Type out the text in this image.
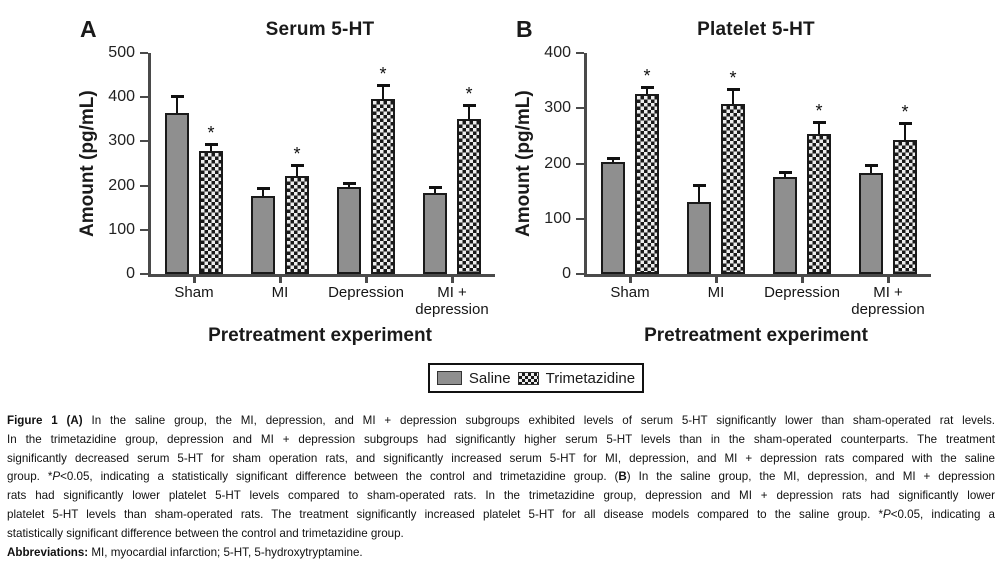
A	Serum 5-HT
Amount (pg/mL)
0
100
200
300
400
500
Sham	MI	Depression	MI +
depression
*
*
*
*
Pretreatment experiment
B	Platelet 5-HT
Amount (pg/mL)
0
100
200
300
400
Sham	MI	Depression	MI +
depression
*	*
*	*
Pretreatment experiment
Saline Trimetazidine
Figure 1 (A) In the saline group, the MI, depression, and MI + depression subgroups exhibited levels of serum 5-HT significantly lower than sham-operated rat levels.
In the trimetazidine group, depression and MI + depression subgroups had significantly higher serum 5-HT levels than in the sham-operated counterparts. The treatment
significantly decreased serum 5-HT for sham operation rats, and significantly increased serum 5-HT for MI, depression, and MI + depression rats compared with the saline
group. *P<0.05, indicating a statistically significant difference between the control and trimetazidine group. (B) In the saline group, the MI, depression, and MI + depression
rats had significantly lower platelet 5-HT levels compared to sham-operated rats. In the trimetazidine group, depression and MI + depression rats had significantly lower
platelet 5-HT levels than sham-operated rats. The treatment significantly increased platelet 5-HT for all disease models compared to the saline group. *P<0.05, indicating a
statistically significant difference between the control and trimetazidine group.
Abbreviations: MI, myocardial infarction; 5-HT, 5-hydroxytryptamine.
